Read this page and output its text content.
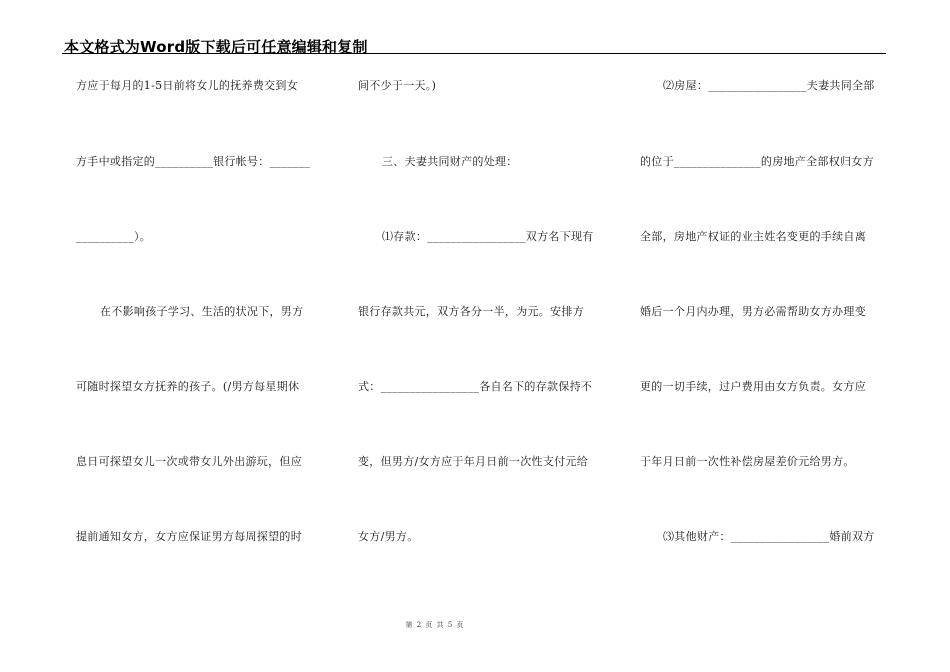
本文格式为Word版下载后可任意编辑和复制
方应于每月的1-5日前将女儿的抚养费交到女
方手中或指定的__________银行帐号：_______
__________）。
在不影响孩子学习、生活的状况下，男方
可随时探望女方抚养的孩子。(/男方每星期休
息日可探望女儿一次或带女儿外出游玩，但应
提前通知女方，女方应保证男方每周探望的时
间不少于一天。)
三、夫妻共同财产的处理：
⑴存款：_________________双方名下现有
银行存款共元，双方各分一半，为元。安排方
式：_________________各自名下的存款保持不
变，但男方/女方应于年月日前一次性支付元给
女方/男方。
⑵房屋：_________________夫妻共同全部
的位于_______________的房地产全部权归女方
全部，房地产权证的业主姓名变更的手续自离
婚后一个月内办理，男方必需帮助女方办理变
更的一切手续，过户费用由女方负责。女方应
于年月日前一次性补偿房屋差价元给男方。
⑶其他财产：_________________婚前双方
第 2 页 共 5 页
